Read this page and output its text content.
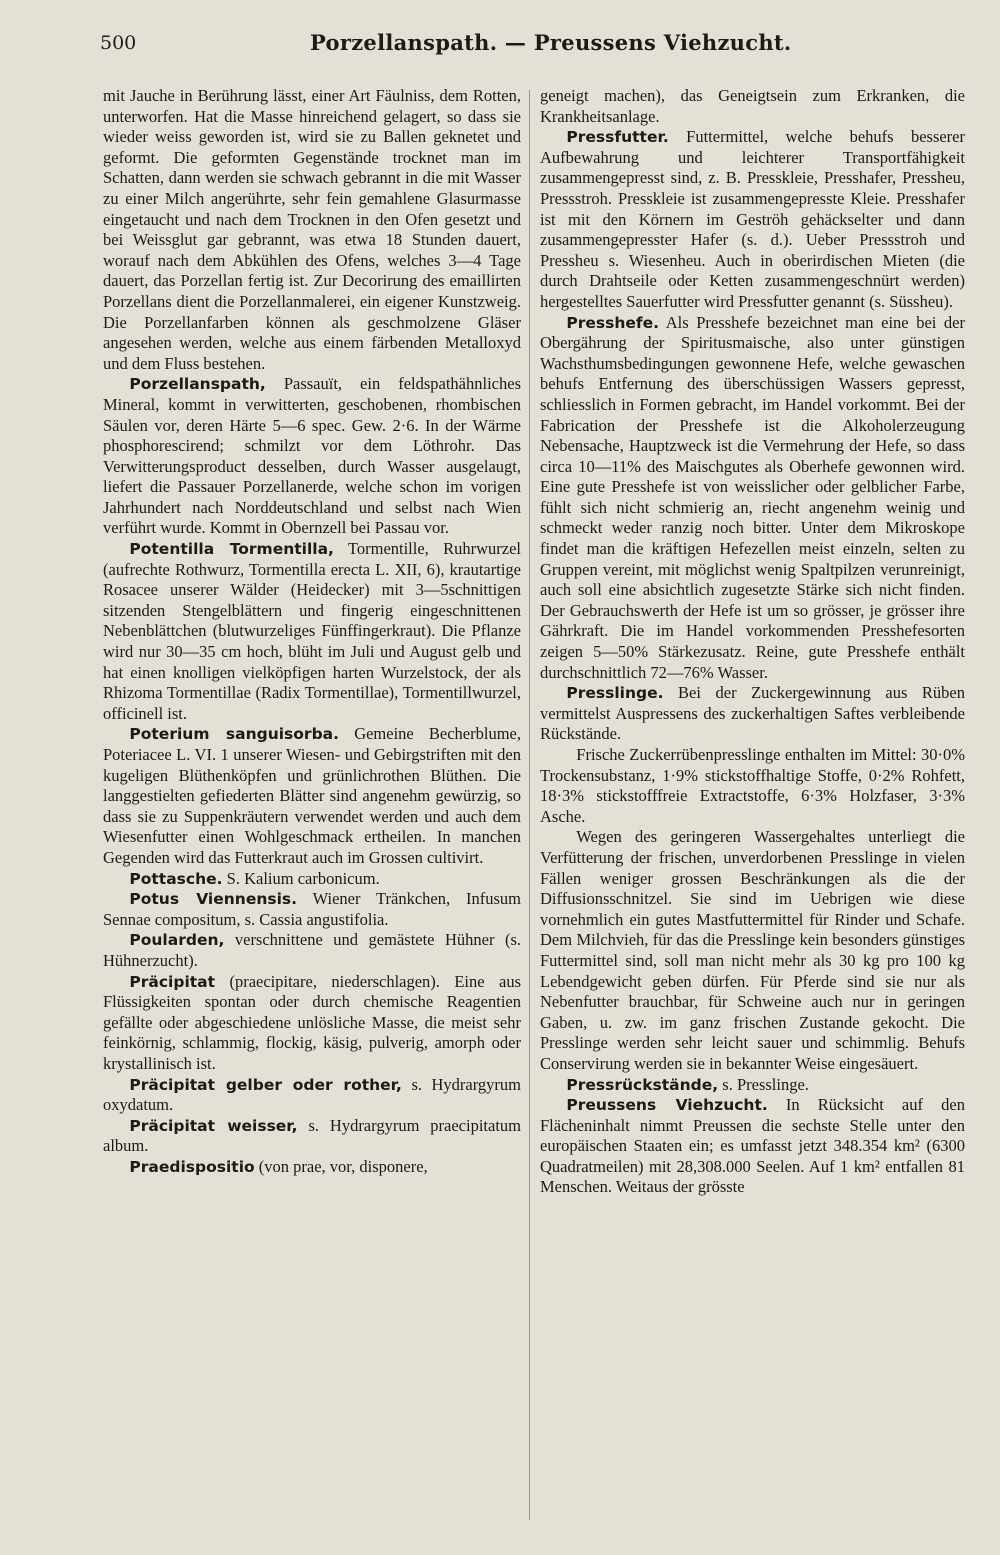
500	Porzellanspath. — Preussens Viehzucht.

mit Jauche in Berührung lässt, einer Art Fäulniss, dem Rotten, unterworfen. Hat die Masse hinreichend gelagert, so dass sie wieder weiss geworden ist, wird sie zu Ballen geknetet und geformt. Die geformten Gegenstände trocknet man im Schatten, dann werden sie schwach gebrannt in die mit Wasser zu einer Milch angerührte, sehr fein gemahlene Glasurmasse eingetaucht und nach dem Trocknen in den Ofen gesetzt und bei Weissglut gar gebrannt, was etwa 18 Stunden dauert, worauf nach dem Abkühlen des Ofens, welches 3—4 Tage dauert, das Porzellan fertig ist. Zur Decorirung des emaillirten Porzellans dient die Porzellanmalerei, ein eigener Kunstzweig. Die Porzellanfarben können als geschmolzene Gläser angesehen werden, welche aus einem färbenden Metalloxyd und dem Fluss bestehen.

Porzellanspath, Passauït, ein feldspathähnliches Mineral, kommt in verwitterten, geschobenen, rhombischen Säulen vor, deren Härte 5—6 spec. Gew. 2·6. In der Wärme phosphorescirend; schmilzt vor dem Löthrohr. Das Verwitterungsproduct desselben, durch Wasser ausgelaugt, liefert die Passauer Porzellanerde, welche schon im vorigen Jahrhundert nach Norddeutschland und selbst nach Wien verführt wurde. Kommt in Obernzell bei Passau vor.

Potentilla Tormentilla, Tormentille, Ruhrwurzel (aufrechte Rothwurz, Tormentilla erecta L. XII, 6), krautartige Rosacee unserer Wälder (Heidecker) mit 3—5schnittigen sitzenden Stengelblättern und fingerig eingeschnittenen Nebenblättchen (blutwurzeliges Fünffingerkraut). Die Pflanze wird nur 30—35 cm hoch, blüht im Juli und August gelb und hat einen knolligen vielköpfigen harten Wurzelstock, der als Rhizoma Tormentillae (Radix Tormentillae), Tormentillwurzel, officinell ist.

Poterium sanguisorba. Gemeine Becherblume, Poteriacee L. VI. 1 unserer Wiesen- und Gebirgstriften mit den kugeligen Blüthenköpfen und grünlichrothen Blüthen. Die langgestielten gefiederten Blätter sind angenehm gewürzig, so dass sie zu Suppenkräutern verwendet werden und auch dem Wiesenfutter einen Wohlgeschmack ertheilen. In manchen Gegenden wird das Futterkraut auch im Grossen cultivirt.

Pottasche. S. Kalium carbonicum.

Potus Viennensis. Wiener Tränkchen, Infusum Sennae compositum, s. Cassia angustifolia.

Poularden, verschnittene und gemästete Hühner (s. Hühnerzucht).

Präcipitat (praecipitare, niederschlagen). Eine aus Flüssigkeiten spontan oder durch chemische Reagentien gefällte oder abgeschiedene unlösliche Masse, die meist sehr feinkörnig, schlammig, flockig, käsig, pulverig, amorph oder krystallinisch ist.

Präcipitat gelber oder rother, s. Hydrargyrum oxydatum.

Präcipitat weisser, s. Hydrargyrum praecipitatum album.

Praedispositio (von prae, vor, disponere,

geneigt machen), das Geneigtsein zum Erkranken, die Krankheitsanlage.

Pressfutter. Futtermittel, welche behufs besserer Aufbewahrung und leichterer Transportfähigkeit zusammengepresst sind, z. B. Presskleie, Presshafer, Pressheu, Pressstroh. Presskleie ist zusammengepresste Kleie. Presshafer ist mit den Körnern im Geströh gehäckselter und dann zusammengepresster Hafer (s. d.). Ueber Pressstroh und Pressheu s. Wiesenheu. Auch in oberirdischen Mieten (die durch Drahtseile oder Ketten zusammengeschnürt werden) hergestelltes Sauerfutter wird Pressfutter genannt (s. Süssheu).

Presshefe. Als Presshefe bezeichnet man eine bei der Obergährung der Spiritusmaische, also unter günstigen Wachsthumsbedingungen gewonnene Hefe, welche gewaschen behufs Entfernung des überschüssigen Wassers gepresst, schliesslich in Formen gebracht, im Handel vorkommt. Bei der Fabrication der Presshefe ist die Alkoholerzeugung Nebensache, Hauptzweck ist die Vermehrung der Hefe, so dass circa 10—11% des Maischgutes als Oberhefe gewonnen wird. Eine gute Presshefe ist von weisslicher oder gelblicher Farbe, fühlt sich nicht schmierig an, riecht angenehm weinig und schmeckt weder ranzig noch bitter. Unter dem Mikroskope findet man die kräftigen Hefezellen meist einzeln, selten zu Gruppen vereint, mit möglichst wenig Spaltpilzen verunreinigt, auch soll eine absichtlich zugesetzte Stärke sich nicht finden. Der Gebrauchswerth der Hefe ist um so grösser, je grösser ihre Gährkraft. Die im Handel vorkommenden Presshefesorten zeigen 5—50% Stärkezusatz. Reine, gute Presshefe enthält durchschnittlich 72—76% Wasser.

Presslinge. Bei der Zuckergewinnung aus Rüben vermittelst Auspressens des zuckerhaltigen Saftes verbleibende Rückstände.

Frische Zuckerrübenpresslinge enthalten im Mittel: 30·0% Trockensubstanz, 1·9% stickstoffhaltige Stoffe, 0·2% Rohfett, 18·3% stickstofffreie Extractstoffe, 6·3% Holzfaser, 3·3% Asche.

Wegen des geringeren Wassergehaltes unterliegt die Verfütterung der frischen, unverdorbenen Presslinge in vielen Fällen weniger grossen Beschränkungen als die der Diffusionsschnitzel. Sie sind im Uebrigen wie diese vornehmlich ein gutes Mastfuttermittel für Rinder und Schafe. Dem Milchvieh, für das die Presslinge kein besonders günstiges Futtermittel sind, soll man nicht mehr als 30 kg pro 100 kg Lebendgewicht geben dürfen. Für Pferde sind sie nur als Nebenfutter brauchbar, für Schweine auch nur in geringen Gaben, u. zw. im ganz frischen Zustande gekocht. Die Presslinge werden sehr leicht sauer und schimmlig. Behufs Conservirung werden sie in bekannter Weise eingesäuert.

Pressrückstände, s. Presslinge.

Preussens Viehzucht. In Rücksicht auf den Flächeninhalt nimmt Preussen die sechste Stelle unter den europäischen Staaten ein; es umfasst jetzt 348.354 km² (6300 Quadratmeilen) mit 28,308.000 Seelen. Auf 1 km² entfallen 81 Menschen. Weitaus der grösste
